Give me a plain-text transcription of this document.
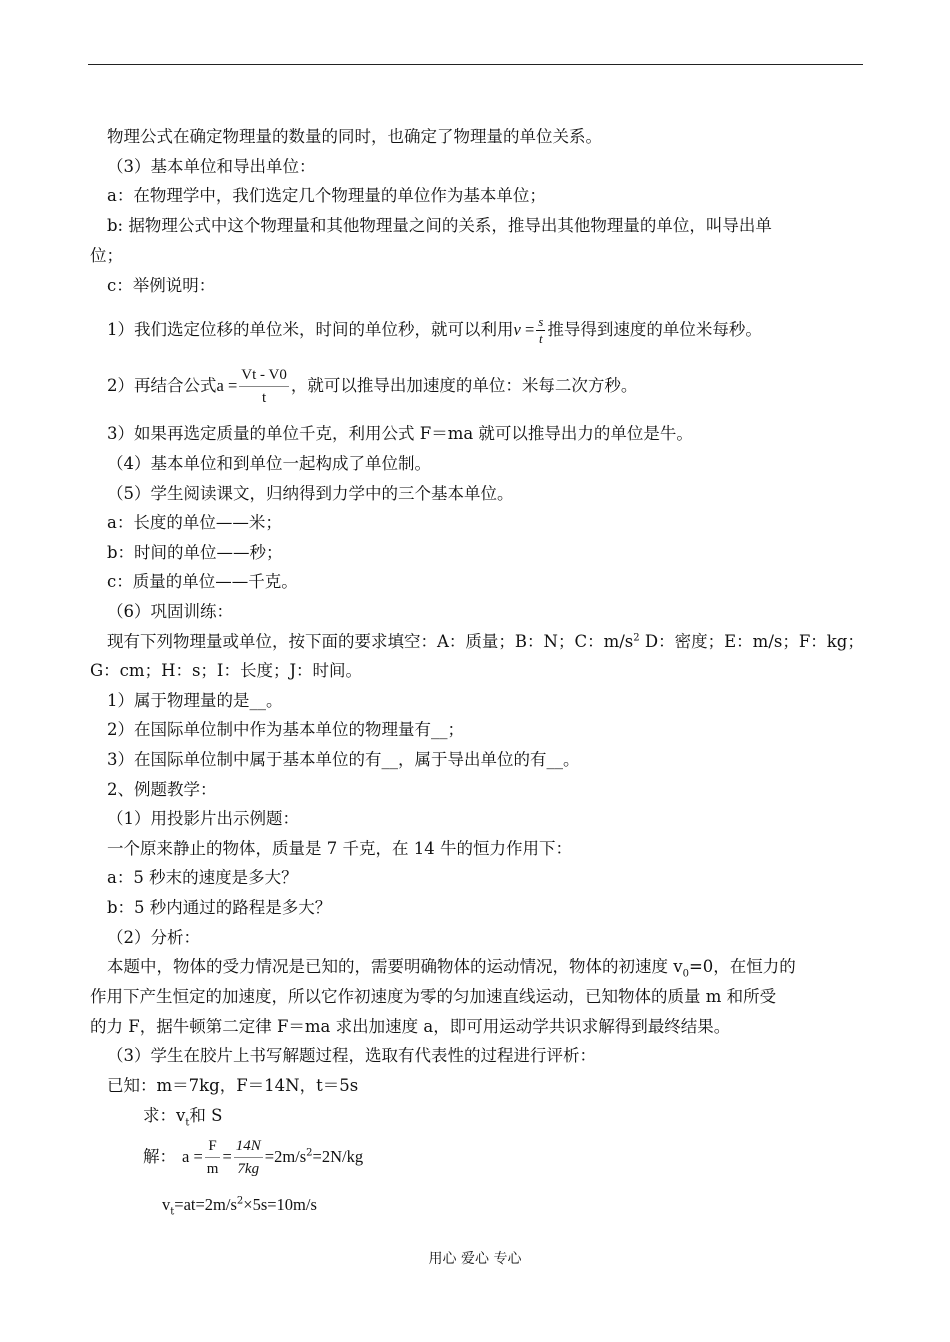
物理公式在确定物理量的数量的同时，也确定了物理量的单位关系。
（3）基本单位和导出单位：
a：在物理学中，我们选定几个物理量的单位作为基本单位；
b: 据物理公式中这个物理量和其他物理量之间的关系，推导出其他物理量的单位，叫导出单
位；
c：举例说明：
1）我们选定位移的单位米，时间的单位秒，就可以利用$v = \frac{s}{t}$ 推导得到速度的单位米每秒。
2）再结合公式$a = \frac{Vt - V0}{t}$ ，就可以推导出加速度的单位：米每二次方秒。
3）如果再选定质量的单位千克，利用公式 F＝ma 就可以推导出力的单位是牛。
（4）基本单位和到单位一起构成了单位制。
（5）学生阅读课文，归纳得到力学中的三个基本单位。
a：长度的单位——米；
b：时间的单位——秒；
c：质量的单位——千克。
（6）巩固训练：
现有下列物理量或单位，按下面的要求填空：A：质量；B：N；C：$m/s^2$ D：密度；E：m/s；F：kg；
G：cm；H：s；I：长度；J：时间。
1）属于物理量的是__。
2）在国际单位制中作为基本单位的物理量有__；
3）在国际单位制中属于基本单位的有__，属于导出单位的有__。
2、例题教学：
（1）用投影片出示例题：
一个原来静止的物体，质量是 7 千克，在 14 牛的恒力作用下：
a：5 秒末的速度是多大？
b：5 秒内通过的路程是多大？
（2）分析：
本题中，物体的受力情况是已知的，需要明确物体的运动情况，物体的初速度 $v_0=0$，在恒力的
作用下产生恒定的加速度，所以它作初速度为零的匀加速直线运动，已知物体的质量 m 和所受
的力 F，据牛顿第二定律 F＝ma 求出加速度 a，即可用运动学共识求解得到最终结果。
（3）学生在胶片上书写解题过程，选取有代表性的过程进行评析：
已知：m＝7kg，F＝14N，t＝5s
求：$v_t$和 S
解： $a = \frac{F}{m} = \frac{14N}{7kg} =2m/s^2=2N/kg$
$v_t=at=2m/s^2\times 5s=10m/s$
用心 爱心 专心
